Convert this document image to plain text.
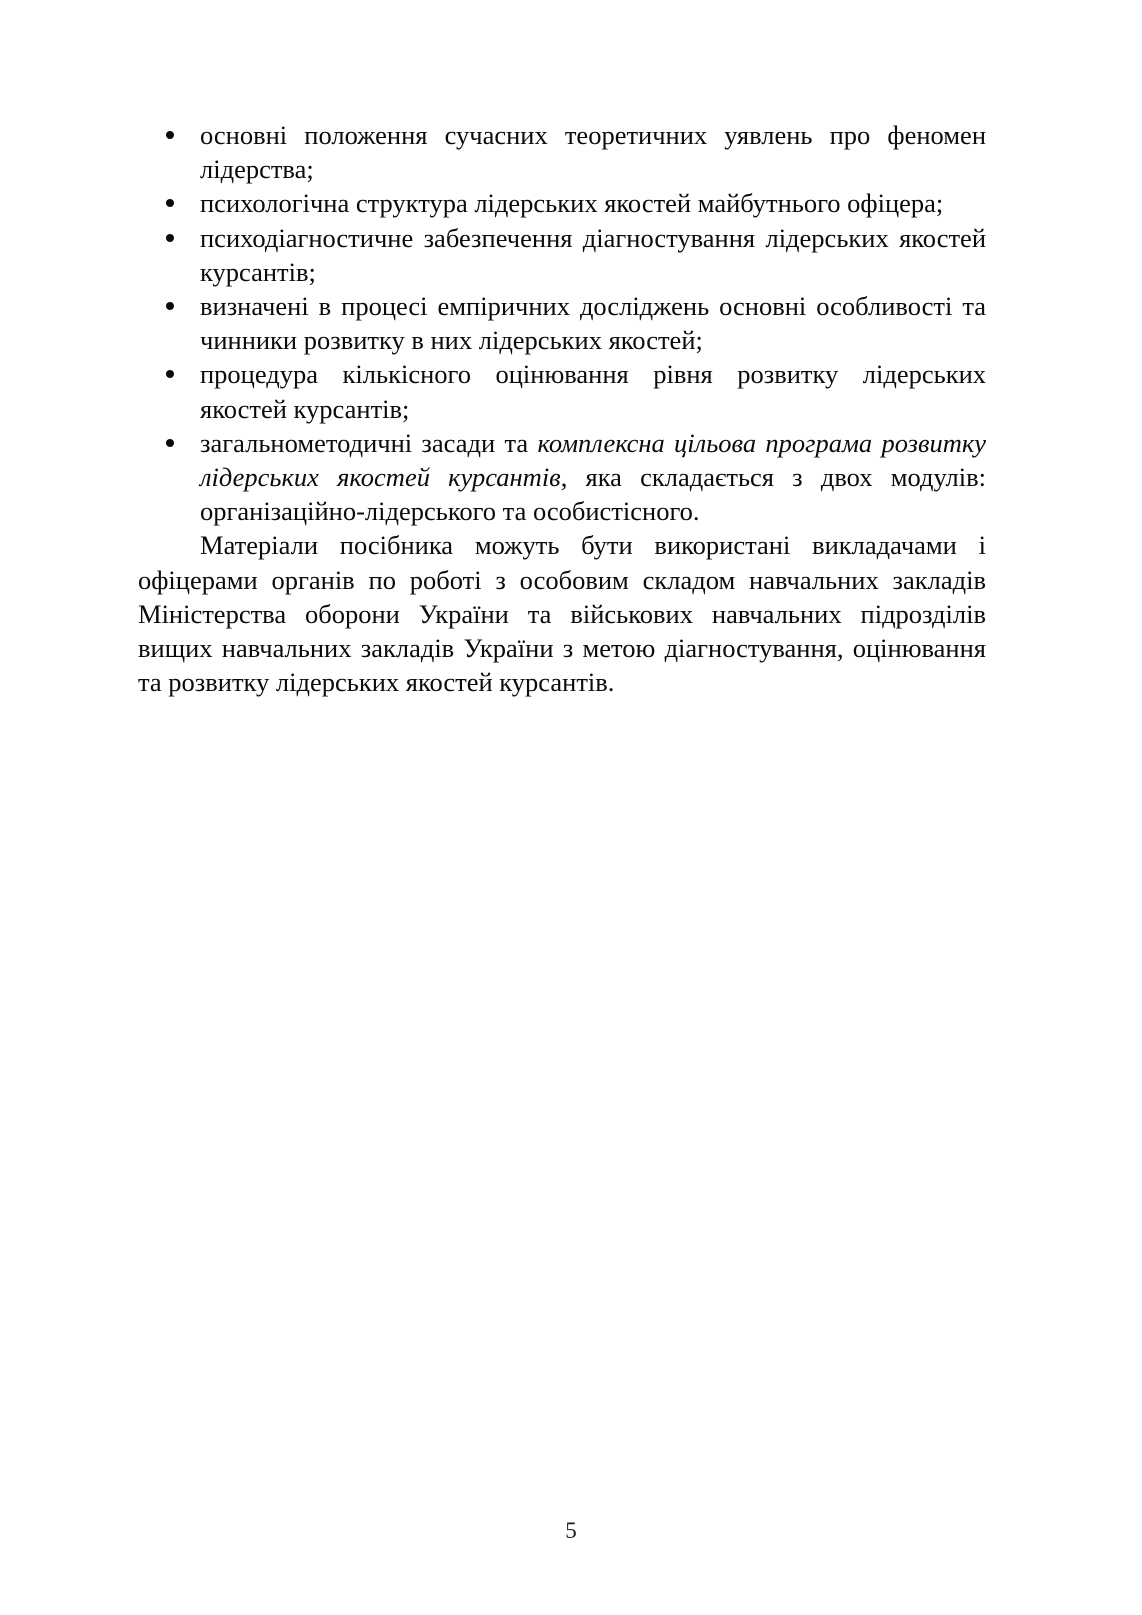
основні положення сучасних теоретичних уявлень про феномен лідерства;
психологічна структура лідерських якостей майбутнього офіцера;
психодіагностичне забезпечення діагностування лідерських якостей курсантів;
визначені в процесі емпіричних досліджень основні особливості та чинники розвитку в них лідерських якостей;
процедура кількісного оцінювання рівня розвитку лідерських якостей курсантів;
загальнометодичні засади та комплексна цільова програма розвитку лідерських якостей курсантів, яка складається з двох модулів: організаційно-лідерського та особистісного.

Матеріали посібника можуть бути використані викладачами і офіцерами органів по роботі з особовим складом навчальних закладів Міністерства оборони України та військових навчальних підрозділів вищих навчальних закладів України з метою діагностування, оцінювання та розвитку лідерських якостей курсантів.

5
